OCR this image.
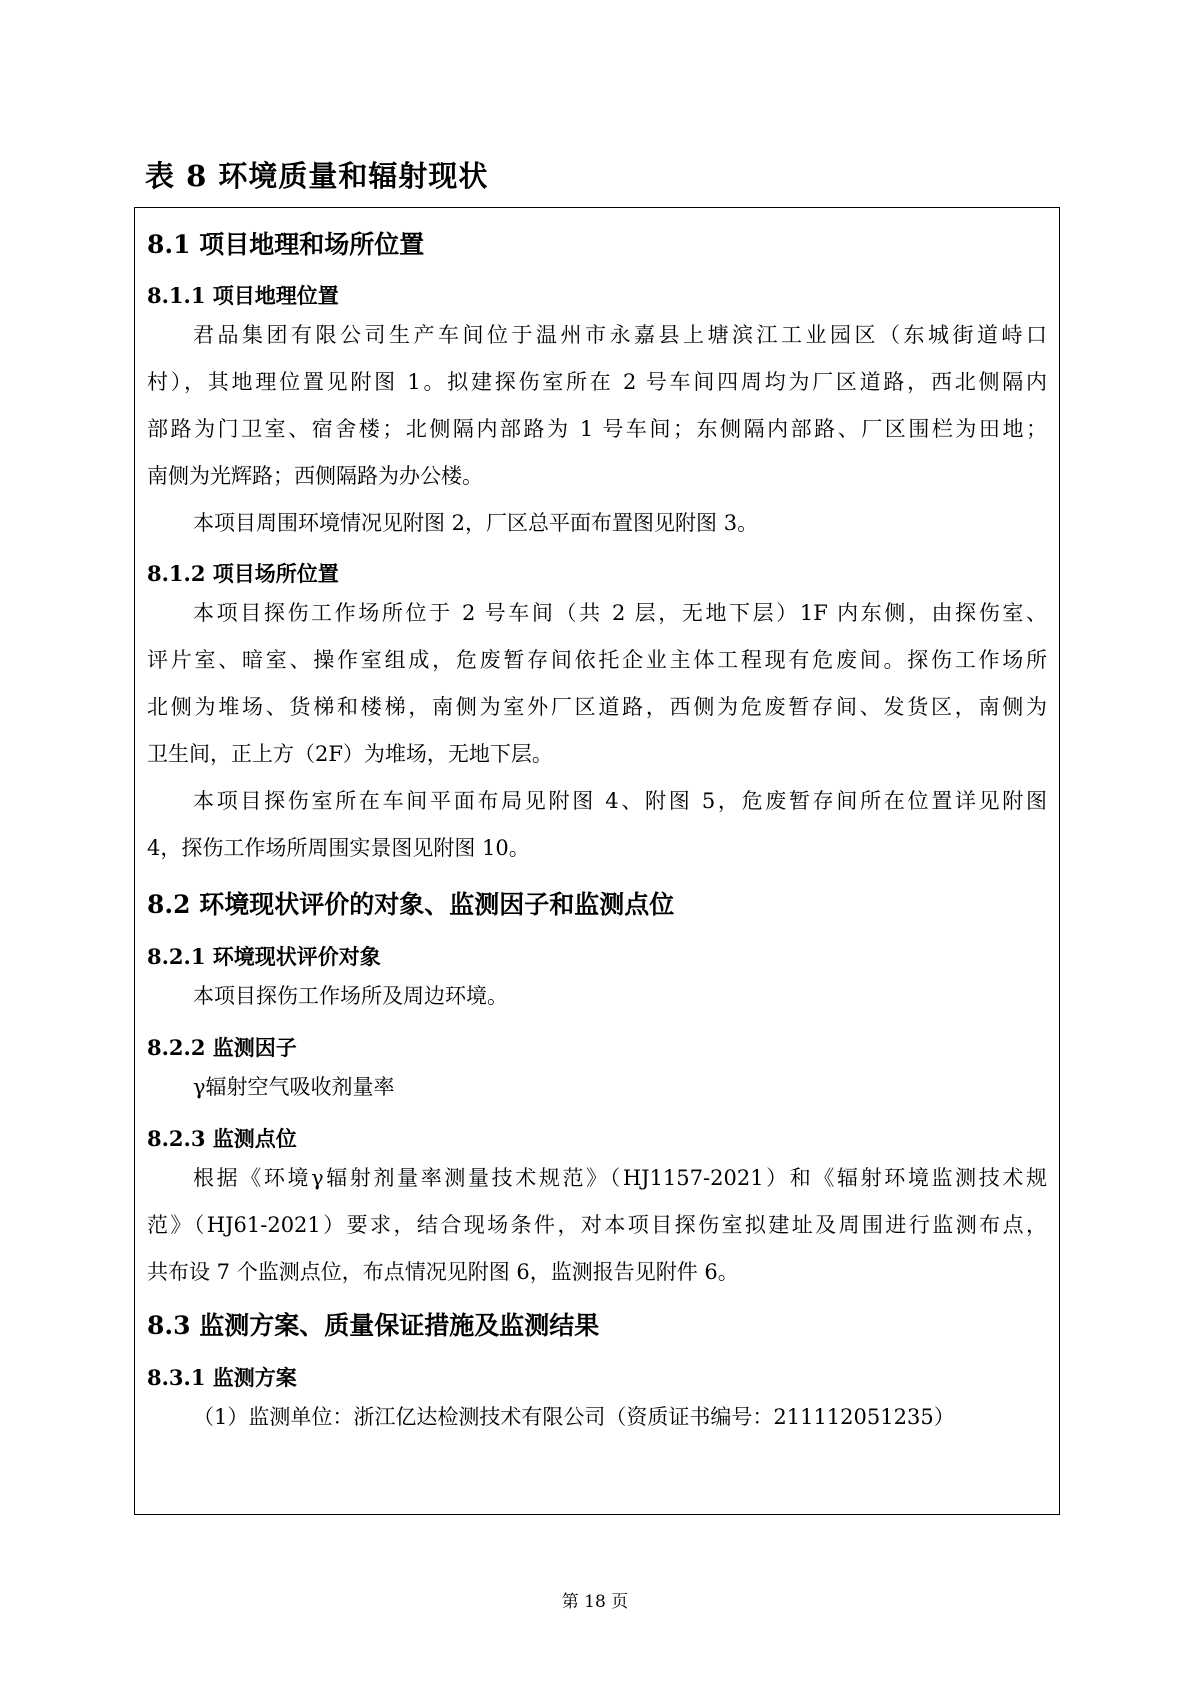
表 8 环境质量和辐射现状
8.1 项目地理和场所位置
8.1.1 项目地理位置
君品集团有限公司生产车间位于温州市永嘉县上塘滨江工业园区（东城街道峙口
村），其地理位置见附图 1。拟建探伤室所在 2 号车间四周均为厂区道路，西北侧隔内
部路为门卫室、宿舍楼；北侧隔内部路为 1 号车间；东侧隔内部路、厂区围栏为田地；
南侧为光辉路；西侧隔路为办公楼。
本项目周围环境情况见附图 2，厂区总平面布置图见附图 3。
8.1.2 项目场所位置
本项目探伤工作场所位于 2 号车间（共 2 层，无地下层）1F 内东侧，由探伤室、
评片室、暗室、操作室组成，危废暂存间依托企业主体工程现有危废间。探伤工作场所
北侧为堆场、货梯和楼梯，南侧为室外厂区道路，西侧为危废暂存间、发货区，南侧为
卫生间，正上方（2F）为堆场，无地下层。
本项目探伤室所在车间平面布局见附图 4、附图 5，危废暂存间所在位置详见附图
4，探伤工作场所周围实景图见附图 10。
8.2 环境现状评价的对象、监测因子和监测点位
8.2.1 环境现状评价对象
本项目探伤工作场所及周边环境。
8.2.2 监测因子
γ辐射空气吸收剂量率
8.2.3 监测点位
根据《环境γ辐射剂量率测量技术规范》（HJ1157-2021）和《辐射环境监测技术规
范》（HJ61-2021）要求，结合现场条件，对本项目探伤室拟建址及周围进行监测布点，
共布设 7 个监测点位，布点情况见附图 6，监测报告见附件 6。
8.3 监测方案、质量保证措施及监测结果
8.3.1 监测方案
（1）监测单位：浙江亿达检测技术有限公司（资质证书编号：211112051235）
第 18 页
